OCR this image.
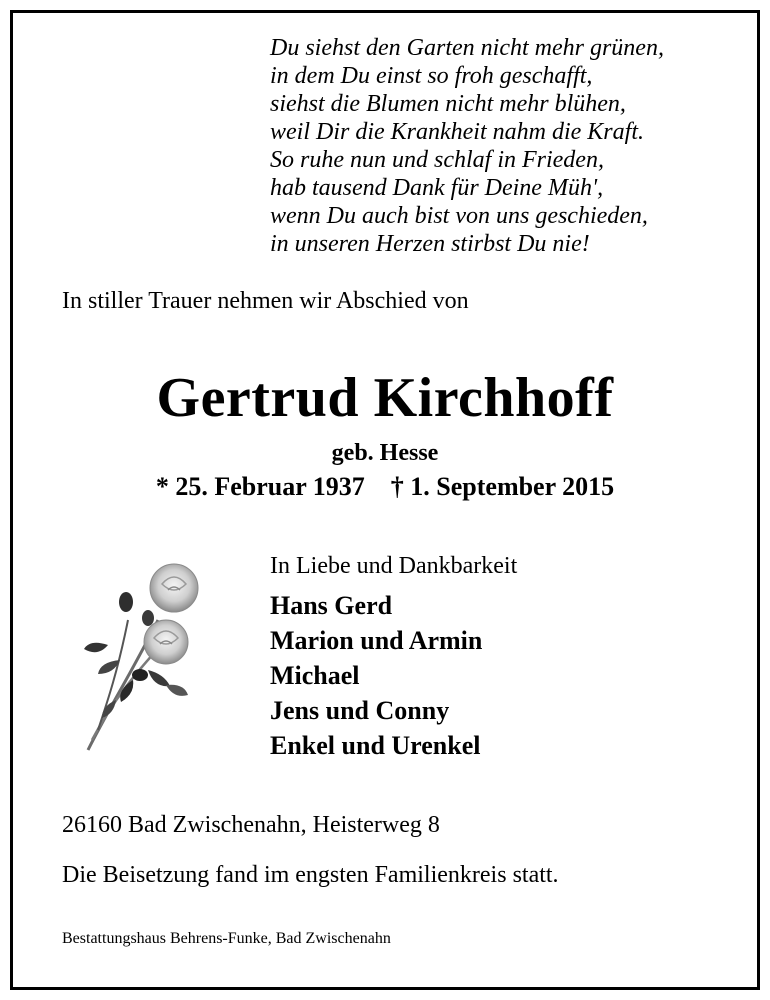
Du siehst den Garten nicht mehr grünen,
in dem Du einst so froh geschafft,
siehst die Blumen nicht mehr blühen,
weil Dir die Krankheit nahm die Kraft.
So ruhe nun und schlaf in Frieden,
hab tausend Dank für Deine Müh',
wenn Du auch bist von uns geschieden,
in unseren Herzen stirbst Du nie!
In stiller Trauer nehmen wir Abschied von
Gertrud Kirchhoff
geb. Hesse
* 25. Februar 1937    † 1. September 2015
In Liebe und Dankbarkeit
Hans Gerd
Marion und Armin
Michael
Jens und Conny
Enkel und Urenkel
26160 Bad Zwischenahn, Heisterweg 8
Die Beisetzung fand im engsten Familienkreis statt.
Bestattungshaus Behrens-Funke, Bad Zwischenahn
